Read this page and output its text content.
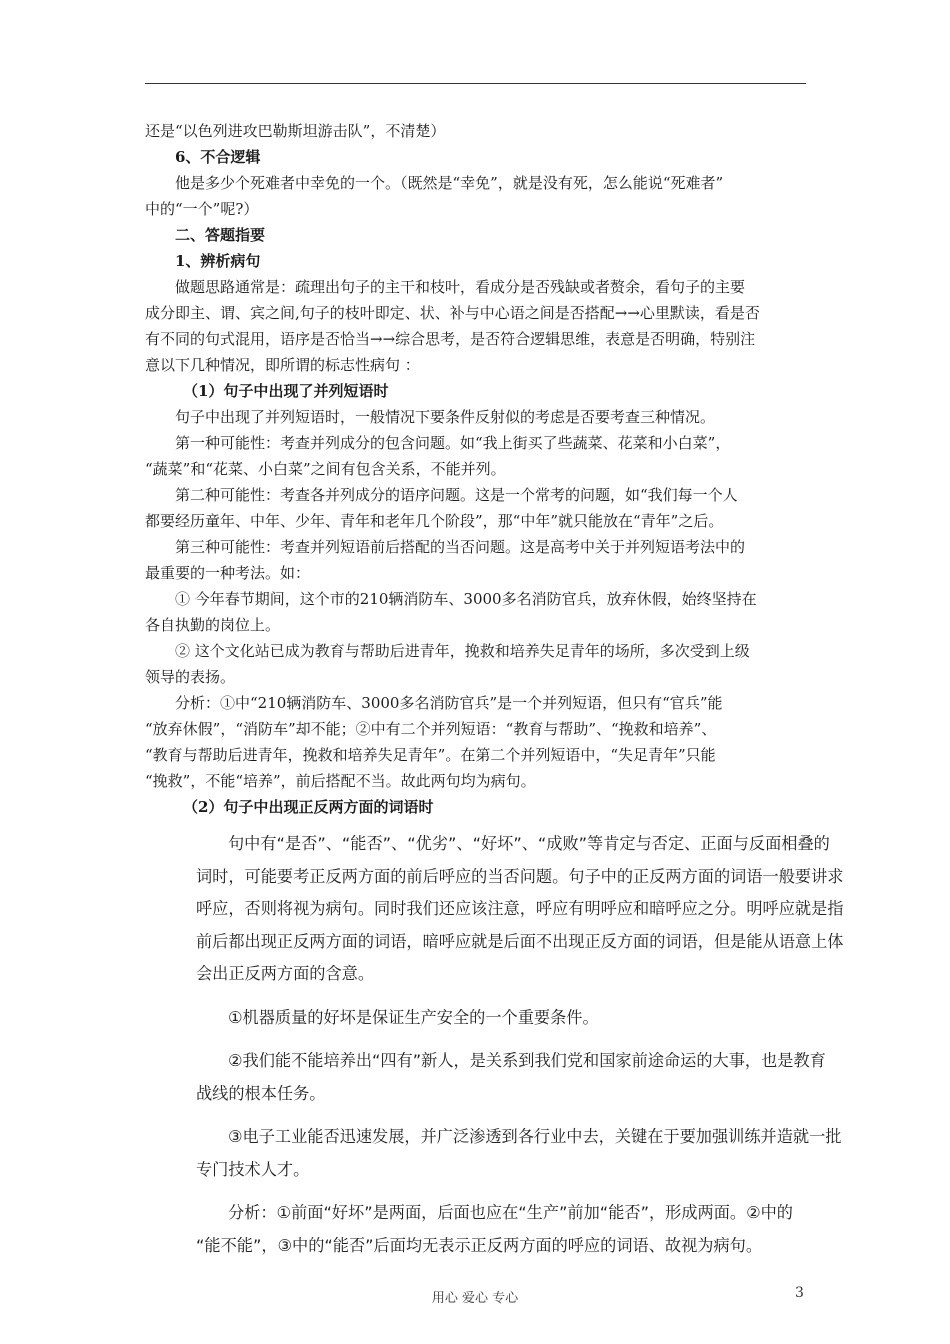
还是“以色列进攻巴勒斯坦游击队”，不清楚）

6、不合逻辑

他是多少个死难者中幸免的一个。（既然是“幸免”，就是没有死，怎么能说“死难者”

中的“一个”呢?）

二、答题指要

1、辨析病句

做题思路通常是：疏理出句子的主干和枝叶，看成分是否残缺或者赘余，看句子的主要

成分即主、谓、宾之间,句子的枝叶即定、状、补与中心语之间是否搭配→→心里默读，看是否

有不同的句式混用，语序是否恰当→→综合思考，是否符合逻辑思维，表意是否明确，特别注

意以下几种情况，即所谓的标志性病句 ：

（1）句子中出现了并列短语时

句子中出现了并列短语时，一般情况下要条件反射似的考虑是否要考查三种情况。

第一种可能性：考查并列成分的包含问题。如“我上街买了些蔬菜、花菜和小白菜”，

“蔬菜”和“花菜、小白菜”之间有包含关系，不能并列。

第二种可能性：考查各并列成分的语序问题。这是一个常考的问题，如“我们每一个人

都要经历童年、中年、少年、青年和老年几个阶段”，那“中年”就只能放在“青年”之后。

第三种可能性：考查并列短语前后搭配的当否问题。这是高考中关于并列短语考法中的

最重要的一种考法。如：

① 今年春节期间，这个市的210辆消防车、3000多名消防官兵，放弃休假，始终坚持在

各自执勤的岗位上。

② 这个文化站已成为教育与帮助后进青年，挽救和培养失足青年的场所，多次受到上级

领导的表扬。

分析：①中“210辆消防车、3000多名消防官兵”是一个并列短语，但只有“官兵”能

“放弃休假”，“消防车”却不能；②中有二个并列短语：“教育与帮助”、“挽救和培养”、

“教育与帮助后进青年，挽救和培养失足青年”。在第二个并列短语中，“失足青年”只能

“挽救”，不能“培养”，前后搭配不当。故此两句均为病句。

（2）句子中出现正反两方面的词语时

句中有“是否”、“能否”、“优劣”、“好坏”、“成败”等肯定与否定、正面与反面相叠的

词时，可能要考正反两方面的前后呼应的当否问题。句子中的正反两方面的词语一般要讲求

呼应，否则将视为病句。同时我们还应该注意，呼应有明呼应和暗呼应之分。明呼应就是指

前后都出现正反两方面的词语，暗呼应就是后面不出现正反方面的词语，但是能从语意上体

会出正反两方面的含意。

①机器质量的好坏是保证生产安全的一个重要条件。

②我们能不能培养出“四有”新人，是关系到我们党和国家前途命运的大事，也是教育

战线的根本任务。

③电子工业能否迅速发展，并广泛渗透到各行业中去，关键在于要加强训练并造就一批

专门技术人才。

分析：①前面“好坏”是两面，后面也应在“生产”前加“能否”，形成两面。②中的

“能不能”，③中的“能否”后面均无表示正反两方面的呼应的词语、故视为病句。

用心 爱心 专心	3
